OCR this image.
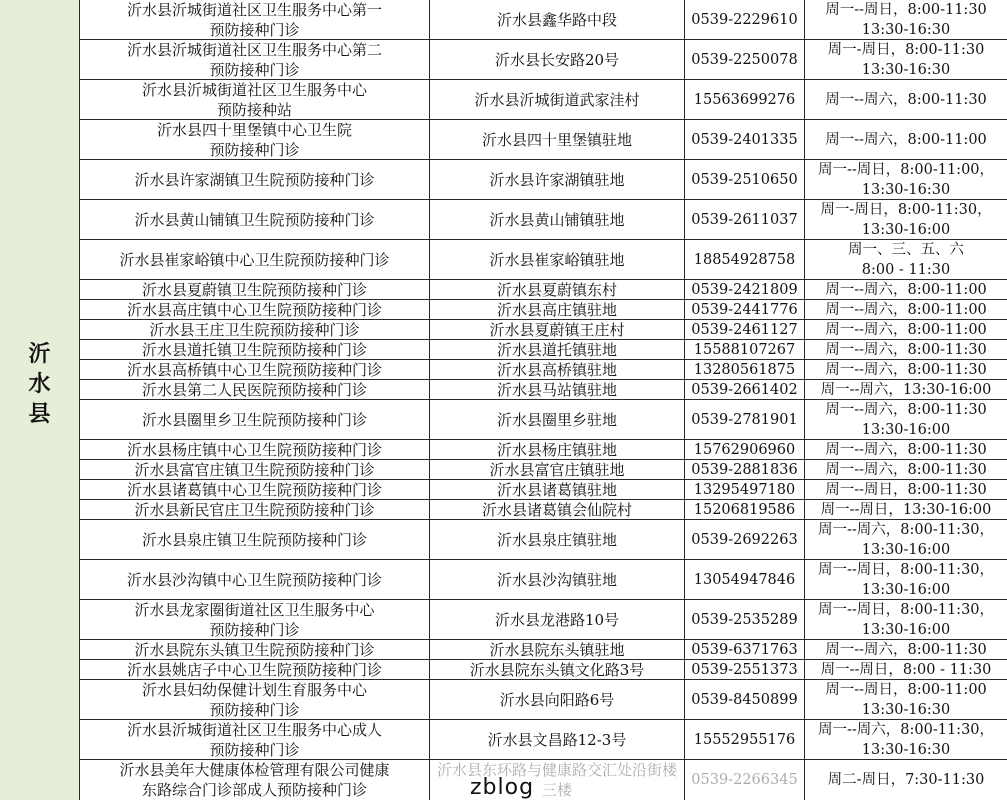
沂
水
县
沂水县沂城街道社区卫生服务中心第一
预防接种门诊
沂水县鑫华路中段	0539-2229610
周一--周日，8:00-11:30
13:30-16:30
沂水县沂城街道社区卫生服务中心第二
预防接种门诊
沂水县长安路20号	0539-2250078
周一-周日，8:00-11:30
13:30-16:30
沂水县沂城街道社区卫生服务中心
预防接种站
沂水县沂城街道武家洼村	15563699276 周一--周六，8:00-11:30
沂水县四十里堡镇中心卫生院
预防接种门诊
沂水县四十里堡镇驻地	0539-2401335 周一--周六，8:00-11:00
沂水县许家湖镇卫生院预防接种门诊	沂水县许家湖镇驻地	0539-2510650
周一--周日，8:00-11:00，
13:30-16:30
沂水县黄山铺镇卫生院预防接种门诊	沂水县黄山铺镇驻地	0539-2611037
周一-周日，8:00-11:30，
13:30-16:00
沂水县崔家峪镇中心卫生院预防接种门诊	沂水县崔家峪镇驻地	18854928758
周一、三、五、六
8:00 - 11:30
沂水县夏蔚镇卫生院预防接种门诊	沂水县夏蔚镇东村	0539-2421809 周一--周六，8:00-11:00
沂水县高庄镇中心卫生院预防接种门诊	沂水县高庄镇驻地	0539-2441776 周一--周六，8:00-11:00
沂水县王庄卫生院预防接种门诊	沂水县夏蔚镇王庄村	0539-2461127 周一--周六，8:00-11:00
沂水县道托镇卫生院预防接种门诊	沂水县道托镇驻地	15588107267 周一--周六，8:00-11:30
沂水县高桥镇中心卫生院预防接种门诊	沂水县高桥镇驻地	13280561875 周一--周六，8:00-11:30
沂水县第二人民医院预防接种门诊	沂水县马站镇驻地	0539-2661402 周一--周六，13:30-16:00
沂水县圈里乡卫生院预防接种门诊	沂水县圈里乡驻地	0539-2781901
周一--周六，8:00-11:30
13:30-16:00
沂水县杨庄镇中心卫生院预防接种门诊	沂水县杨庄镇驻地	15762906960 周一--周六，8:00-11:30
沂水县富官庄镇卫生院预防接种门诊	沂水县富官庄镇驻地	0539-2881836 周一--周六，8:00-11:30
沂水县诸葛镇中心卫生院预防接种门诊	沂水县诸葛镇驻地	13295497180 周一--周日，8:00-11:30
沂水县新民官庄卫生院预防接种门诊	沂水县诸葛镇会仙院村	15206819586 周一--周日，13:30-16:00
沂水县泉庄镇卫生院预防接种门诊	沂水县泉庄镇驻地	0539-2692263
周一--周六，8:00-11:30，
13:30-16:00
沂水县沙沟镇中心卫生院预防接种门诊	沂水县沙沟镇驻地	13054947846
周一--周日，8:00-11:30，
13:30-16:00
沂水县龙家圈街道社区卫生服务中心
预防接种门诊
沂水县龙港路10号	0539-2535289
周一--周日，8:00-11:30，
13:30-16:00
沂水县院东头镇卫生院预防接种门诊	沂水县院东头镇驻地	0539-6371763 周一--周六，8:00-11:30
沂水县姚店子中心卫生院预防接种门诊	沂水县院东头镇文化路3号	0539-2551373 周一--周日，8:00 - 11:30
沂水县妇幼保健计划生育服务中心
预防接种门诊
沂水县向阳路6号	0539-8450899
周一--周日，8:00-11:00
13:30-16:30
沂水县沂城街道社区卫生服务中心成人
预防接种门诊
沂水县文昌路12-3号	15552955176
周一--周六，8:00-11:30，
13:30-16:30
沂水县美年大健康体检管理有限公司健康
东路综合门诊部成人预防接种门诊
沂水县东环路与健康路交汇处沿街楼三楼
0539-2266345 周二-周日，7:30-11:30
zblog
